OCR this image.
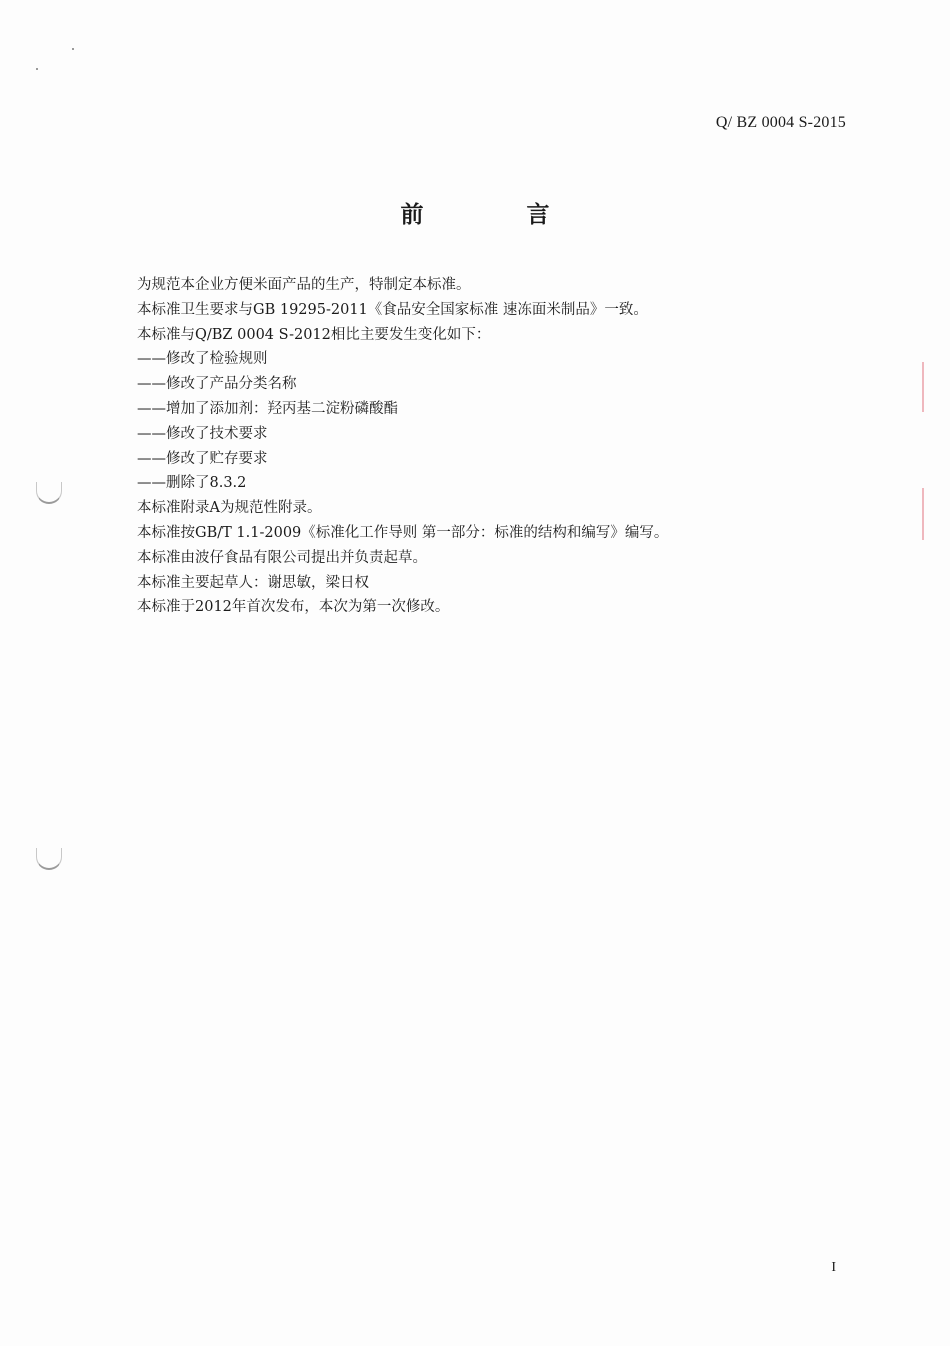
Q/ BZ 0004 S-2015
前　言
为规范本企业方便米面产品的生产，特制定本标准。
本标准卫生要求与GB 19295-2011《食品安全国家标准 速冻面米制品》一致。
本标准与Q/BZ 0004 S-2012相比主要发生变化如下：
——修改了检验规则
——修改了产品分类名称
——增加了添加剂：羟丙基二淀粉磷酸酯
——修改了技术要求
——修改了贮存要求
——删除了8.3.2
本标准附录A为规范性附录。
本标准按GB/T 1.1-2009《标准化工作导则 第一部分：标准的结构和编写》编写。
本标准由波仔食品有限公司提出并负责起草。
本标准主要起草人：谢思敏，梁日权
本标准于2012年首次发布，本次为第一次修改。
I
